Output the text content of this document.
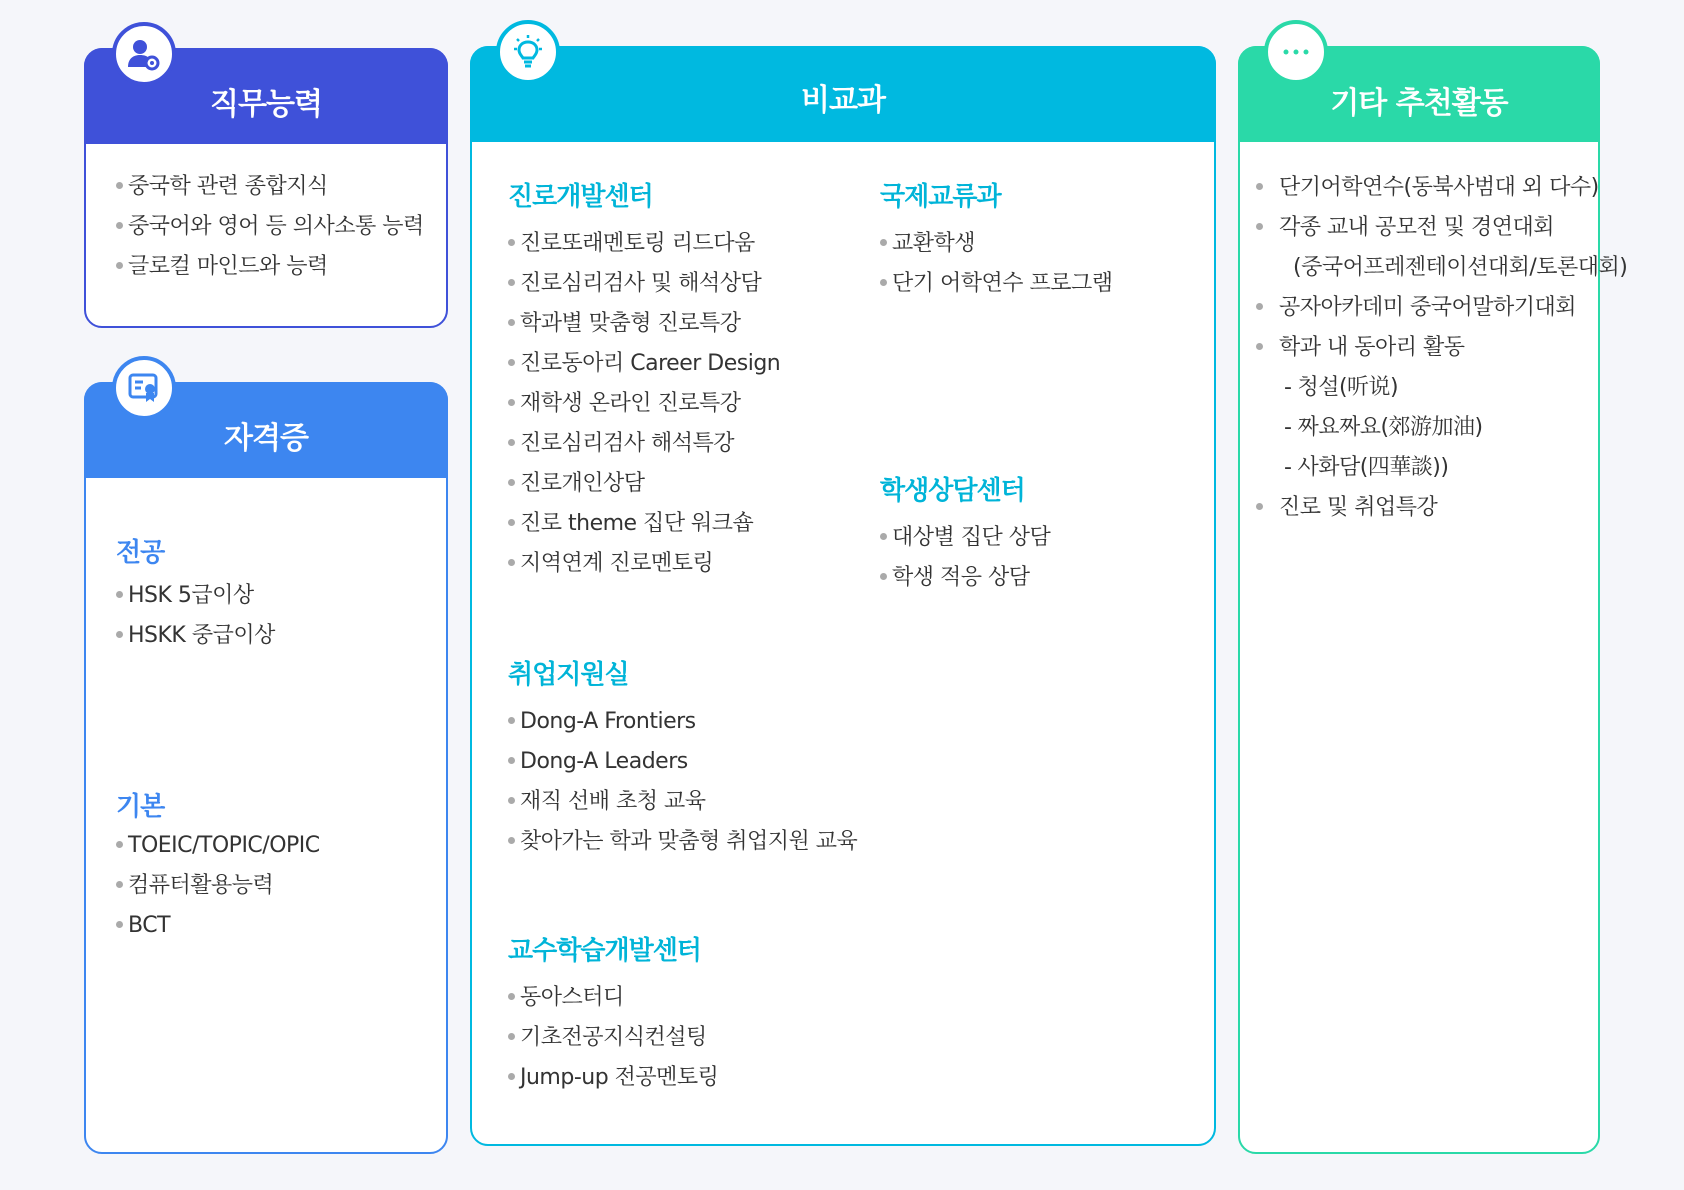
직무능력
중국학 관련 종합지식
중국어와 영어 등 의사소통 능력
글로컬 마인드와 능력
자격증
전공
HSK 5급이상
HSKK 중급이상
기본
TOEIC/TOPIC/OPIC
컴퓨터활용능력
BCT
비교과
진로개발센터
진로또래멘토링 리드다움
진로심리검사 및 해석상담
학과별 맞춤형 진로특강
진로동아리 Career Design
재학생 온라인 진로특강
진로심리검사 해석특강
진로개인상담
진로 theme 집단 워크숍
지역연계 진로멘토링
국제교류과
교환학생
단기 어학연수 프로그램
학생상담센터
대상별 집단 상담
학생 적응 상담
취업지원실
Dong-A Frontiers
Dong-A Leaders
재직 선배 초청 교육
찾아가는 학과 맞춤형 취업지원 교육
교수학습개발센터
동아스터디
기초전공지식컨설팅
Jump-up 전공멘토링
기타 추천활동
단기어학연수(동북사범대 외 다수)
각종 교내 공모전 및 경연대회
(중국어프레젠테이션대회/토론대회)
공자아카데미 중국어말하기대회
학과 내 동아리 활동
- 청설(听说)
- 짜요짜요(郊游加油)
- 사화담(四華談))
진로 및 취업특강
